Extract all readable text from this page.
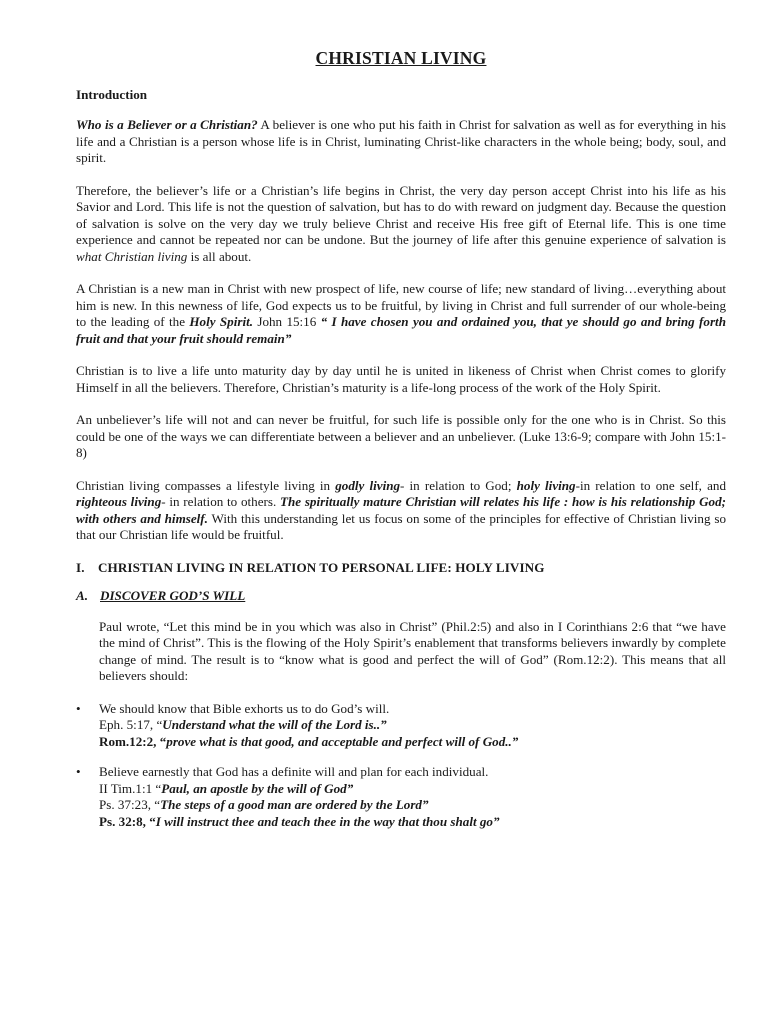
CHRISTIAN LIVING
Introduction

Who is a Believer or a Christian? A believer is one who put his faith in Christ for salvation as well as for everything in his life and a Christian is a person whose life is in Christ, luminating Christ-like characters in the whole being; body, soul, and spirit.

Therefore, the believer’s life or a Christian’s life begins in Christ, the very day person accept Christ into his life as his Savior and Lord. This life is not the question of salvation, but has to do with reward on judgment day. Because the question of salvation is solve on the very day we truly believe Christ and receive His free gift of Eternal life. This is one time experience and cannot be repeated nor can be undone. But the journey of life after this genuine experience of salvation is what Christian living is all about.

A Christian is a new man in Christ with new prospect of life, new course of life; new standard of living…everything about him is new. In this newness of life, God expects us to be fruitful, by living in Christ and full surrender of our whole-being to the leading of the Holy Spirit. John 15:16 “ I have chosen you and ordained you, that ye should go and bring forth fruit and that your fruit should remain”

Christian is to live a life unto maturity day by day until he is united in likeness of Christ when Christ comes to glorify Himself in all the believers. Therefore, Christian’s maturity is a life-long process of the work of the Holy Spirit.

An unbeliever’s life will not and can never be fruitful, for such life is possible only for the one who is in Christ. So this could be one of the ways we can differentiate between a believer and an unbeliever. (Luke 13:6-9; compare with John 15:1-8)

Christian living compasses a lifestyle living in godly living- in relation to God; holy living-in relation to one self, and righteous living- in relation to others. The spiritually mature Christian will relates his life : how is his relationship God; with others and himself. With this understanding let us focus on some of the principles for effective of Christian living so that our Christian life would be fruitful.

I. CHRISTIAN LIVING IN RELATION TO PERSONAL LIFE: HOLY LIVING
A. DISCOVER GOD’S WILL

Paul wrote, “Let this mind be in you which was also in Christ” (Phil.2:5) and also in I Corinthians 2:6 that “we have the mind of Christ”. This is the flowing of the Holy Spirit’s enablement that transforms believers inwardly by complete change of mind. The result is to “know what is good and perfect the will of God” (Rom.12:2). This means that all believers should:

• We should know that Bible exhorts us to do God’s will.
Eph. 5:17, “Understand what the will of the Lord is..”
Rom.12:2, “prove what is that good, and acceptable and perfect will of God..”
• Believe earnestly that God has a definite will and plan for each individual.
II Tim.1:1 “Paul, an apostle by the will of God”
Ps. 37:23, “The steps of a good man are ordered by the Lord”
Ps. 32:8, “I will instruct thee and teach thee in the way that thou shalt go”
